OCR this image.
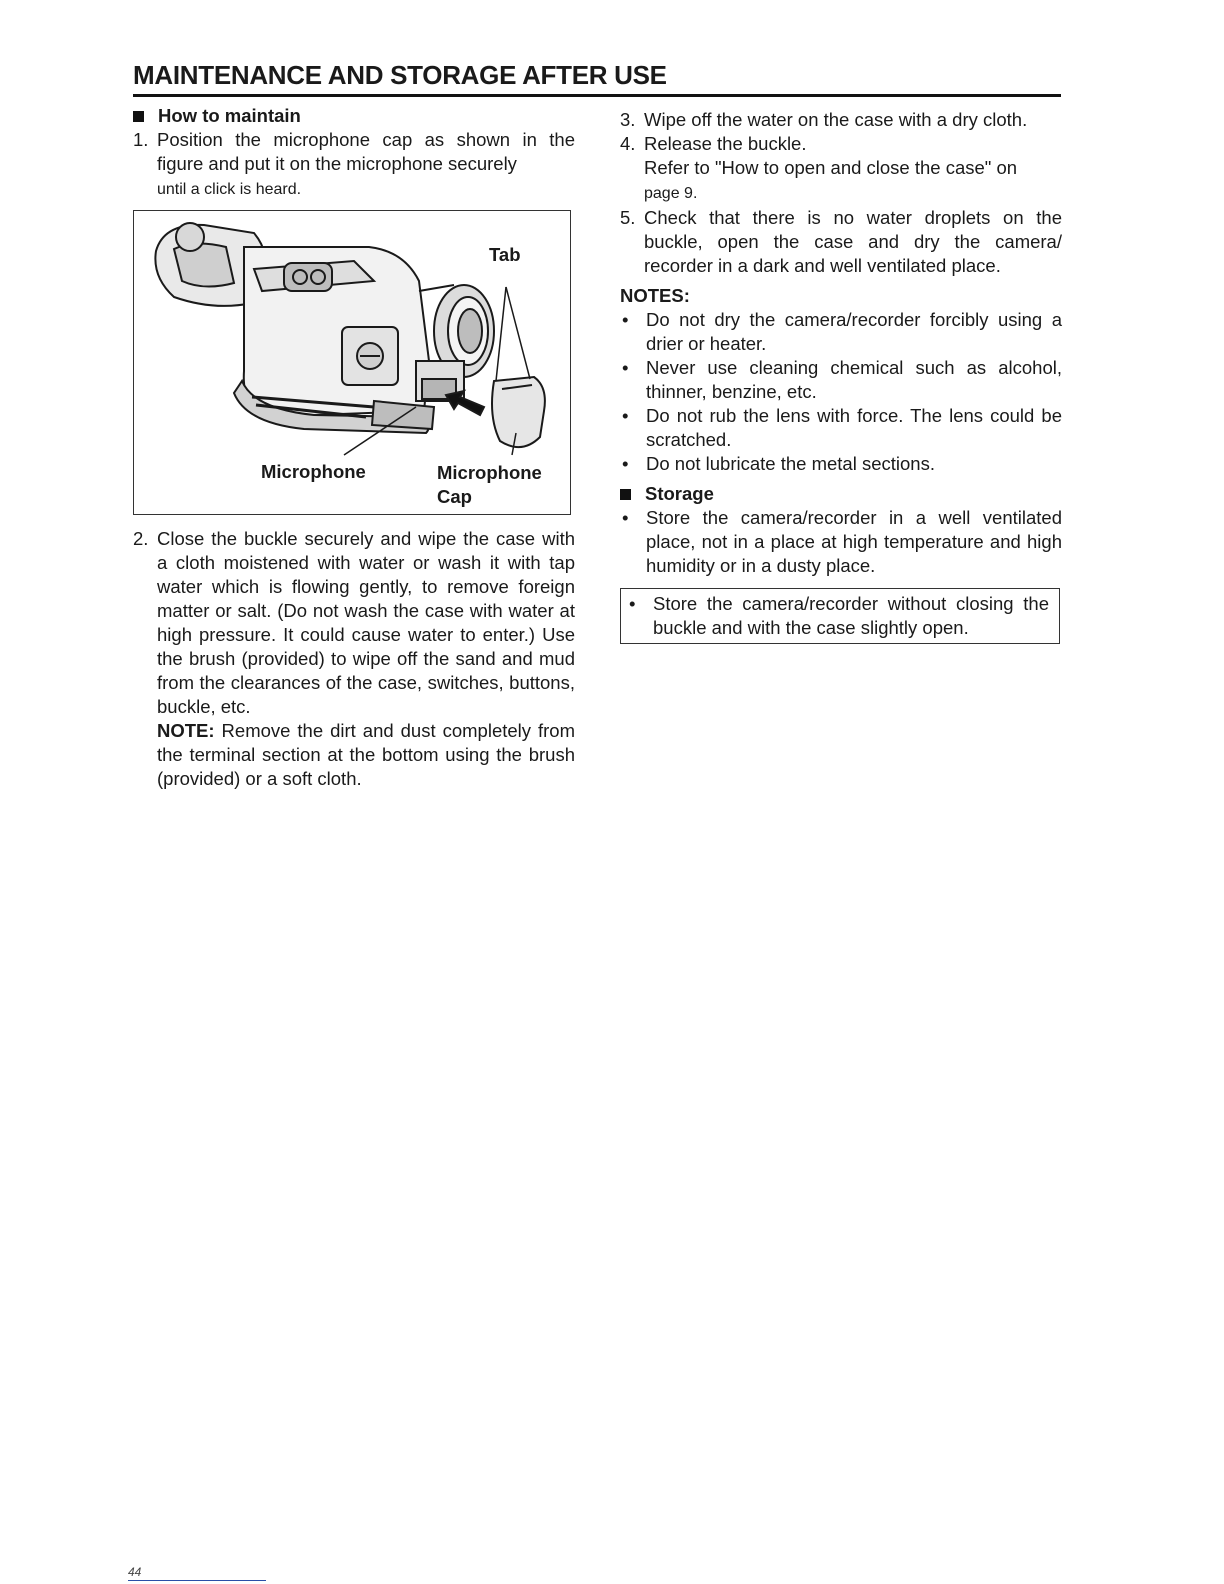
MAINTENANCE AND STORAGE AFTER USE

How to maintain

1. Position the microphone cap as shown in the figure and put it on the microphone securely
until a click is heard.
Tab
Microphone	Microphone
Cap
2. Close the buckle securely and wipe the case with a cloth moistened with water or wash it with tap water which is flowing gently, to remove foreign matter or salt. (Do not wash the case with water at high pressure. It could cause water to enter.) Use the brush (provided) to wipe off the sand and mud from the clearances of the case, switches, buttons, buckle, etc.
NOTE: Remove the dirt and dust completely from the terminal section at the bottom using the brush (provided) or a soft cloth.
3. Wipe off the water on the case with a dry cloth.
4. Release the buckle.
Refer to "How to open and close the case" on
page 9.
5. Check that there is no water droplets on the buckle, open the case and dry the camera/ recorder in a dark and well ventilated place.
NOTES:
• Do not dry the camera/recorder forcibly using a drier or heater.
• Never use cleaning chemical such as alcohol, thinner, benzine, etc.
• Do not rub the lens with force. The lens could be scratched.
• Do not lubricate the metal sections.

Storage

• Store the camera/recorder in a well ventilated place, not in a place at high temperature and high humidity or in a dusty place.
• Store the camera/recorder without closing the buckle and with the case slightly open.
44
